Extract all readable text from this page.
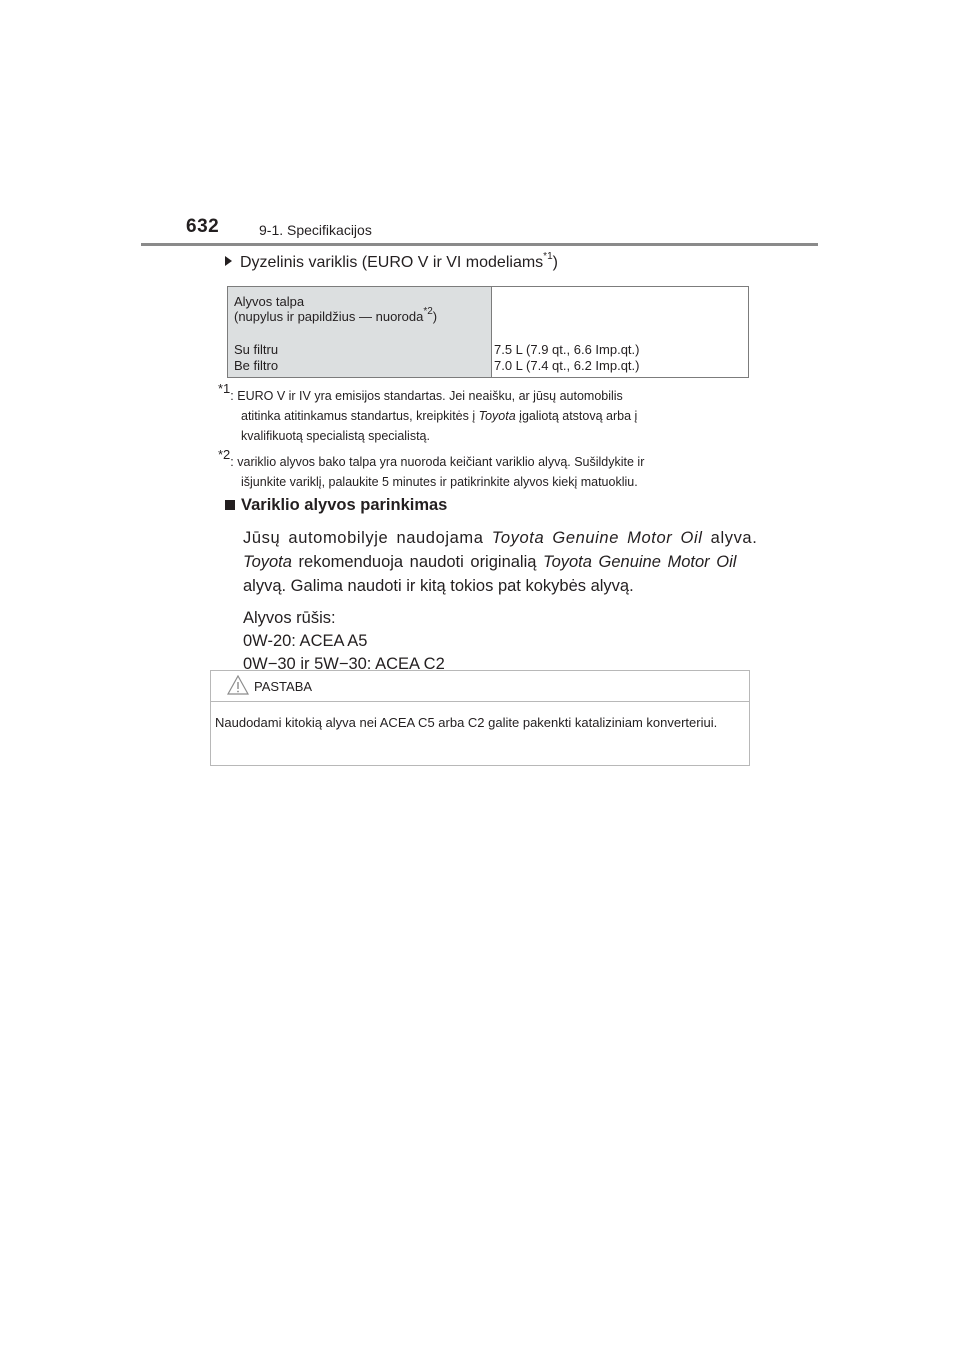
632	9-1. Specifikacijos
Dyzelinis variklis (EURO V ir VI modeliams$^{*1}$)
Alyvos talpa
(nupylus ir papildžius — nuoroda$^{*2}$)
Su filtru
Be filtro
7.5 L (7.9 qt., 6.6 Imp.qt.)
7.0 L (7.4 qt., 6.2 Imp.qt.)
$^{*1}$: EURO V ir IV yra emisijos standartas. Jei neaišku, ar jūsų automobilis
atitinka atitinkamus standartus, kreipkitės į Toyota įgaliotą atstovą arba į
kvalifikuotą specialistą specialistą.
$^{*2}$: variklio alyvos bako talpa yra nuoroda keičiant variklio alyvą. Sušildykite ir
išjunkite variklį, palaukite 5 minutes ir patikrinkite alyvos kiekį matuokliu.
Variklio alyvos parinkimas
Jūsų automobilyje naudojama Toyota Genuine Motor Oil alyva.
Toyota rekomenduoja naudoti originalią Toyota Genuine Motor Oil
alyvą. Galima naudoti ir kitą tokios pat kokybės alyvą.
Alyvos rūšis:
0W-20: ACEA A5
0W−30 ir 5W−30: ACEA C2
PASTABA
Naudodami kitokią alyva nei ACEA C5 arba C2 galite pakenkti kataliziniam konverteriui.
